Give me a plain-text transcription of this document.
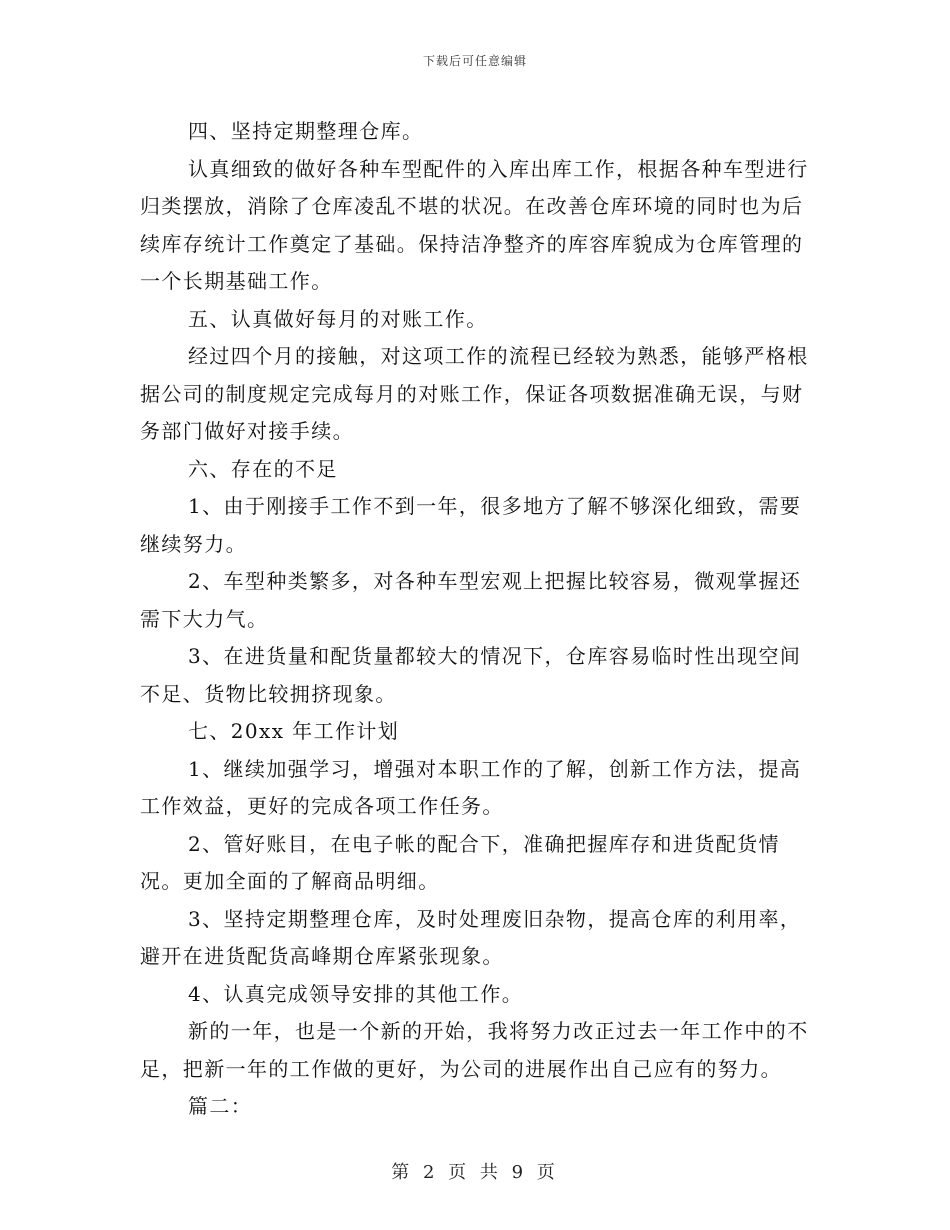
下载后可任意编辑

四、坚持定期整理仓库。

认真细致的做好各种车型配件的入库出库工作，根据各种车型进行归类摆放，消除了仓库凌乱不堪的状况。在改善仓库环境的同时也为后续库存统计工作奠定了基础。保持洁净整齐的库容库貌成为仓库管理的一个长期基础工作。

五、认真做好每月的对账工作。

经过四个月的接触，对这项工作的流程已经较为熟悉，能够严格根据公司的制度规定完成每月的对账工作，保证各项数据准确无误，与财务部门做好对接手续。

六、存在的不足

1、由于刚接手工作不到一年，很多地方了解不够深化细致，需要继续努力。

2、车型种类繁多，对各种车型宏观上把握比较容易，微观掌握还需下大力气。

3、在进货量和配货量都较大的情况下，仓库容易临时性出现空间不足、货物比较拥挤现象。

七、20xx 年工作计划

1、继续加强学习，增强对本职工作的了解，创新工作方法，提高工作效益，更好的完成各项工作任务。

2、管好账目，在电子帐的配合下，准确把握库存和进货配货情况。更加全面的了解商品明细。

3、坚持定期整理仓库，及时处理废旧杂物，提高仓库的利用率，避开在进货配货高峰期仓库紧张现象。

4、认真完成领导安排的其他工作。

新的一年，也是一个新的开始，我将努力改正过去一年工作中的不足，把新一年的工作做的更好，为公司的进展作出自己应有的努力。

篇二：

第 2 页 共 9 页
